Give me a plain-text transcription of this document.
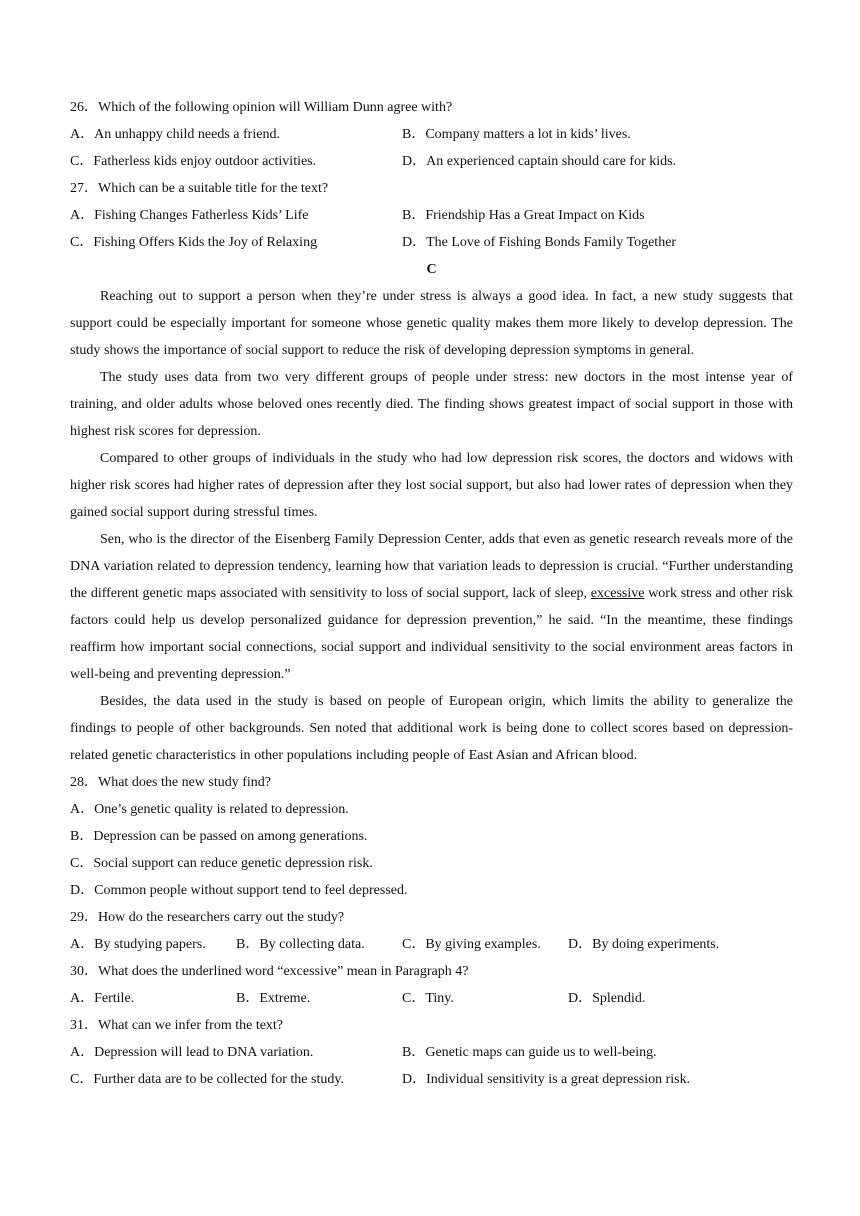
26．Which of the following opinion will William Dunn agree with?
A．An unhappy child needs a friend.	B．Company matters a lot in kids’ lives.
C．Fatherless kids enjoy outdoor activities.	D．An experienced captain should care for kids.
27．Which can be a suitable title for the text?
A．Fishing Changes Fatherless Kids’ Life	B．Friendship Has a Great Impact on Kids
C．Fishing Offers Kids the Joy of Relaxing	D．The Love of Fishing Bonds Family Together
C

Reaching out to support a person when they’re under stress is always a good idea. In fact, a new study suggests that support could be especially important for someone whose genetic quality makes them more likely to develop depression. The study shows the importance of social support to reduce the risk of developing depression symptoms in general.

The study uses data from two very different groups of people under stress: new doctors in the most intense year of training, and older adults whose beloved ones recently died. The finding shows greatest impact of social support in those with highest risk scores for depression.

Compared to other groups of individuals in the study who had low depression risk scores, the doctors and widows with higher risk scores had higher rates of depression after they lost social support, but also had lower rates of depression when they gained social support during stressful times.

Sen, who is the director of the Eisenberg Family Depression Center, adds that even as genetic research reveals more of the DNA variation related to depression tendency, learning how that variation leads to depression is crucial. “Further understanding the different genetic maps associated with sensitivity to loss of social support, lack of sleep, excessive work stress and other risk factors could help us develop personalized guidance for depression prevention,” he said. “In the meantime, these findings reaffirm how important social connections, social support and individual sensitivity to the social environment areas factors in well-being and preventing depression.”

Besides, the data used in the study is based on people of European origin, which limits the ability to generalize the findings to people of other backgrounds. Sen noted that additional work is being done to collect scores based on depression-related genetic characteristics in other populations including people of East Asian and African blood.

28．What does the new study find?
A．One’s genetic quality is related to depression.
B．Depression can be passed on among generations.
C．Social support can reduce genetic depression risk.
D．Common people without support tend to feel depressed.
29．How do the researchers carry out the study?
A．By studying papers.	B．By collecting data.	C．By giving examples.	D．By doing experiments.
30．What does the underlined word “excessive” mean in Paragraph 4?
A．Fertile.	B．Extreme.	C．Tiny.	D．Splendid.
31．What can we infer from the text?
A．Depression will lead to DNA variation.	B．Genetic maps can guide us to well-being.
C．Further data are to be collected for the study.	D．Individual sensitivity is a great depression risk.
